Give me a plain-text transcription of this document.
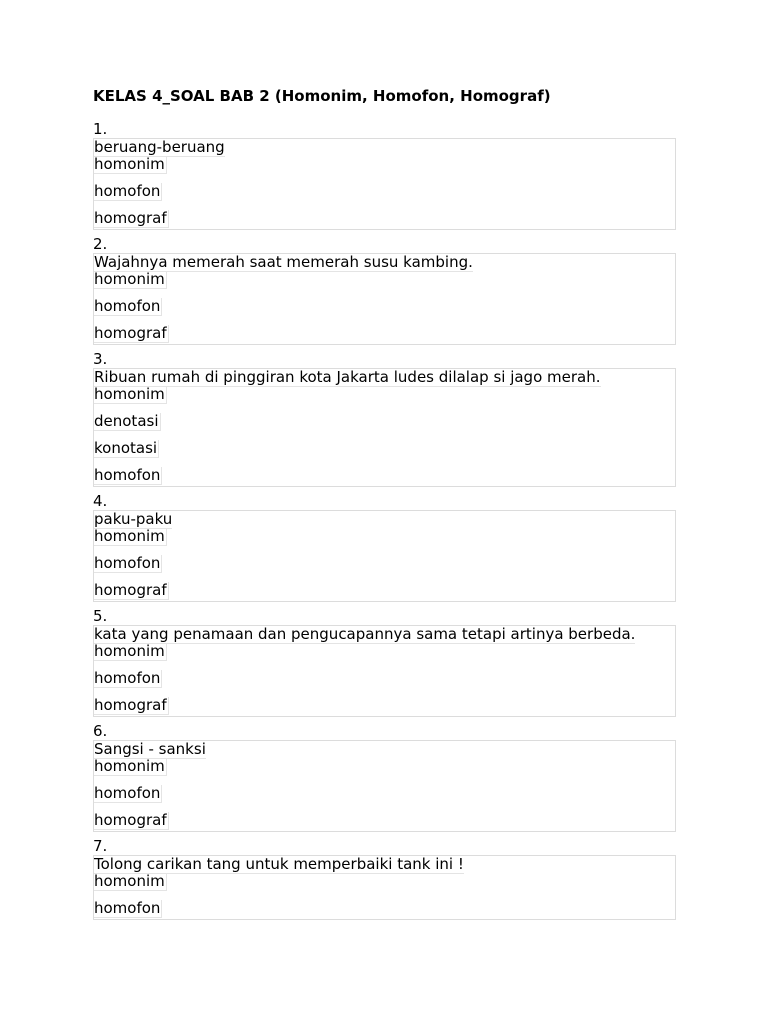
KELAS 4_SOAL BAB 2 (Homonim, Homofon, Homograf)
1.
beruang-beruang
homonim
homofon
homograf
2.
Wajahnya memerah saat memerah susu kambing.
homonim
homofon
homograf
3.
Ribuan rumah di pinggiran kota Jakarta ludes dilalap si jago merah.
homonim
denotasi
konotasi
homofon
4.
paku-paku
homonim
homofon
homograf
5.
kata yang penamaan dan pengucapannya sama tetapi artinya berbeda.
homonim
homofon
homograf
6.
Sangsi - sanksi
homonim
homofon
homograf
7.
Tolong carikan tang untuk memperbaiki tank ini !
homonim
homofon
